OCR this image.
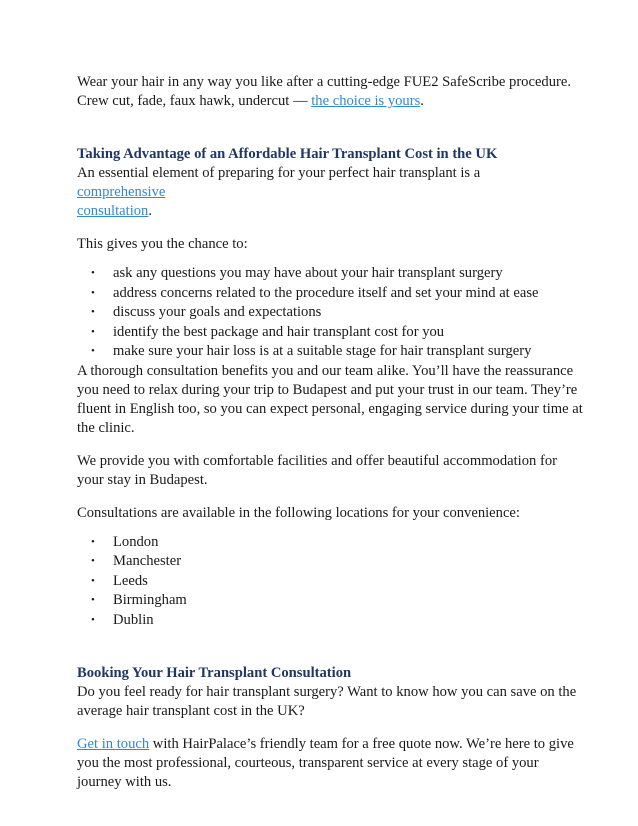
Wear your hair in any way you like after a cutting-edge FUE2 SafeScribe procedure.
Crew cut, fade, faux hawk, undercut — the choice is yours.

Taking Advantage of an Affordable Hair Transplant Cost in the UK

An essential element of preparing for your perfect hair transplant is a comprehensive
consultation.

This gives you the chance to:

• ask any questions you may have about your hair transplant surgery
• address concerns related to the procedure itself and set your mind at ease
• discuss your goals and expectations
• identify the best package and hair transplant cost for you
• make sure your hair loss is at a suitable stage for hair transplant surgery

A thorough consultation benefits you and our team alike. You’ll have the reassurance
you need to relax during your trip to Budapest and put your trust in our team. They’re
fluent in English too, so you can expect personal, engaging service during your time at
the clinic.

We provide you with comfortable facilities and offer beautiful accommodation for
your stay in Budapest.

Consultations are available in the following locations for your convenience:

• London
• Manchester
• Leeds
• Birmingham
• Dublin
Booking Your Hair Transplant Consultation

Do you feel ready for hair transplant surgery? Want to know how you can save on the
average hair transplant cost in the UK?

Get in touch with HairPalace’s friendly team for a free quote now. We’re here to give
you the most professional, courteous, transparent service at every stage of your
journey with us.
